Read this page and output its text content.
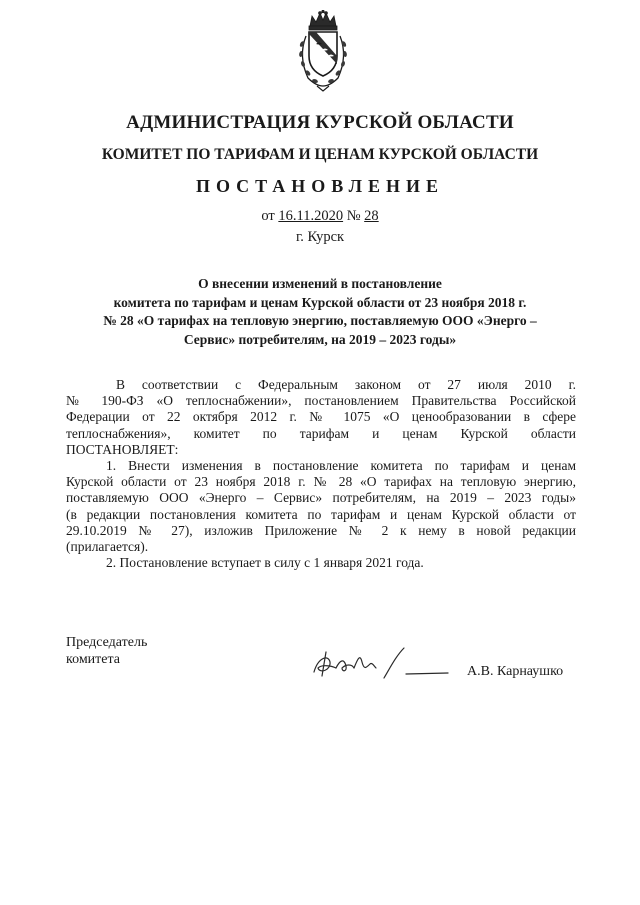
АДМИНИСТРАЦИЯ КУРСКОЙ ОБЛАСТИ
КОМИТЕТ ПО ТАРИФАМ И ЦЕНАМ КУРСКОЙ ОБЛАСТИ
ПОСТАНОВЛЕНИЕ
от 16.11.2020 № 28
г. Курск
О внесении изменений в постановление
комитета по тарифам и ценам Курской области от 23 ноября 2018 г.
№ 28 «О тарифах на тепловую энергию, поставляемую ООО «Энерго –
Сервис» потребителям, на 2019 – 2023 годы»
В соответствии с Федеральным законом от 27 июля 2010 г.
№ 190-ФЗ «О теплоснабжении», постановлением Правительства Российской
Федерации от 22 октября 2012 г. № 1075 «О ценообразовании в сфере
теплоснабжения», комитет по тарифам и ценам Курской области
ПОСТАНОВЛЯЕТ:
1. Внести изменения в постановление комитета по тарифам и ценам
Курской области от 23 ноября 2018 г. № 28 «О тарифах на тепловую энергию,
поставляемую ООО «Энерго – Сервис» потребителям, на 2019 – 2023 годы»
(в редакции постановления комитета по тарифам и ценам Курской области от
29.10.2019 № 27), изложив Приложение № 2 к нему в новой редакции
(прилагается).
2. Постановление вступает в силу с 1 января 2021 года.
Председатель
комитета
А.В. Карнаушко
